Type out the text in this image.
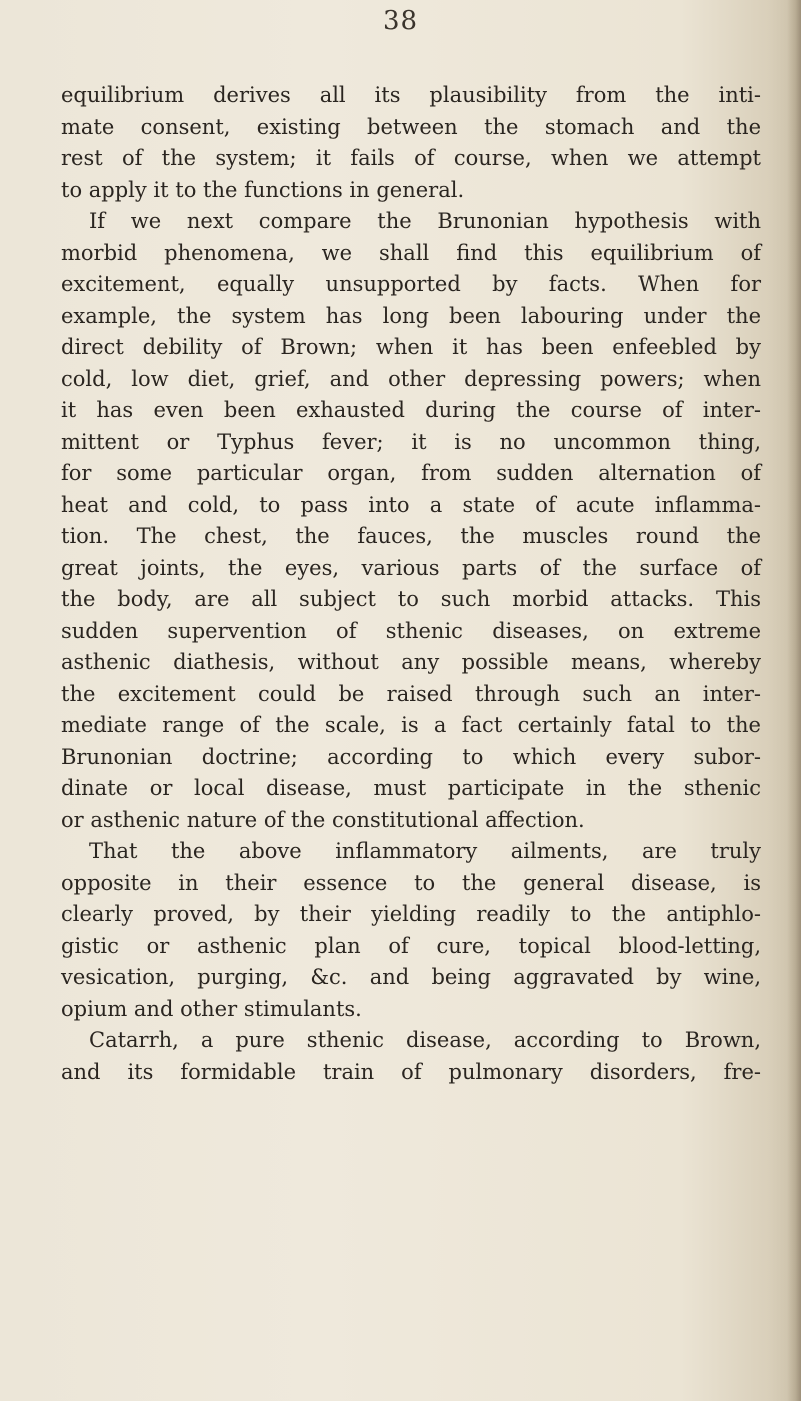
38
equilibrium derives all its plausibility from the inti-
mate consent, existing between the stomach and the
rest of the system; it fails of course, when we attempt
to apply it to the functions in general.
If we next compare the Brunonian hypothesis with
morbid phenomena, we shall find this equilibrium of
excitement, equally unsupported by facts. When for
example, the system has long been labouring under the
direct debility of Brown; when it has been enfeebled by
cold, low diet, grief, and other depressing powers; when
it has even been exhausted during the course of inter-
mittent or Typhus fever; it is no uncommon thing,
for some particular organ, from sudden alternation of
heat and cold, to pass into a state of acute inflamma-
tion. The chest, the fauces, the muscles round the
great joints, the eyes, various parts of the surface of
the body, are all subject to such morbid attacks. This
sudden supervention of sthenic diseases, on extreme
asthenic diathesis, without any possible means, whereby
the excitement could be raised through such an inter-
mediate range of the scale, is a fact certainly fatal to the
Brunonian doctrine; according to which every subor-
dinate or local disease, must participate in the sthenic
or asthenic nature of the constitutional affection.
That the above inflammatory ailments, are truly
opposite in their essence to the general disease, is
clearly proved, by their yielding readily to the antiphlo-
gistic or asthenic plan of cure, topical blood-letting,
vesication, purging, &c. and being aggravated by wine,
opium and other stimulants.
Catarrh, a pure sthenic disease, according to Brown,
and its formidable train of pulmonary disorders, fre-
